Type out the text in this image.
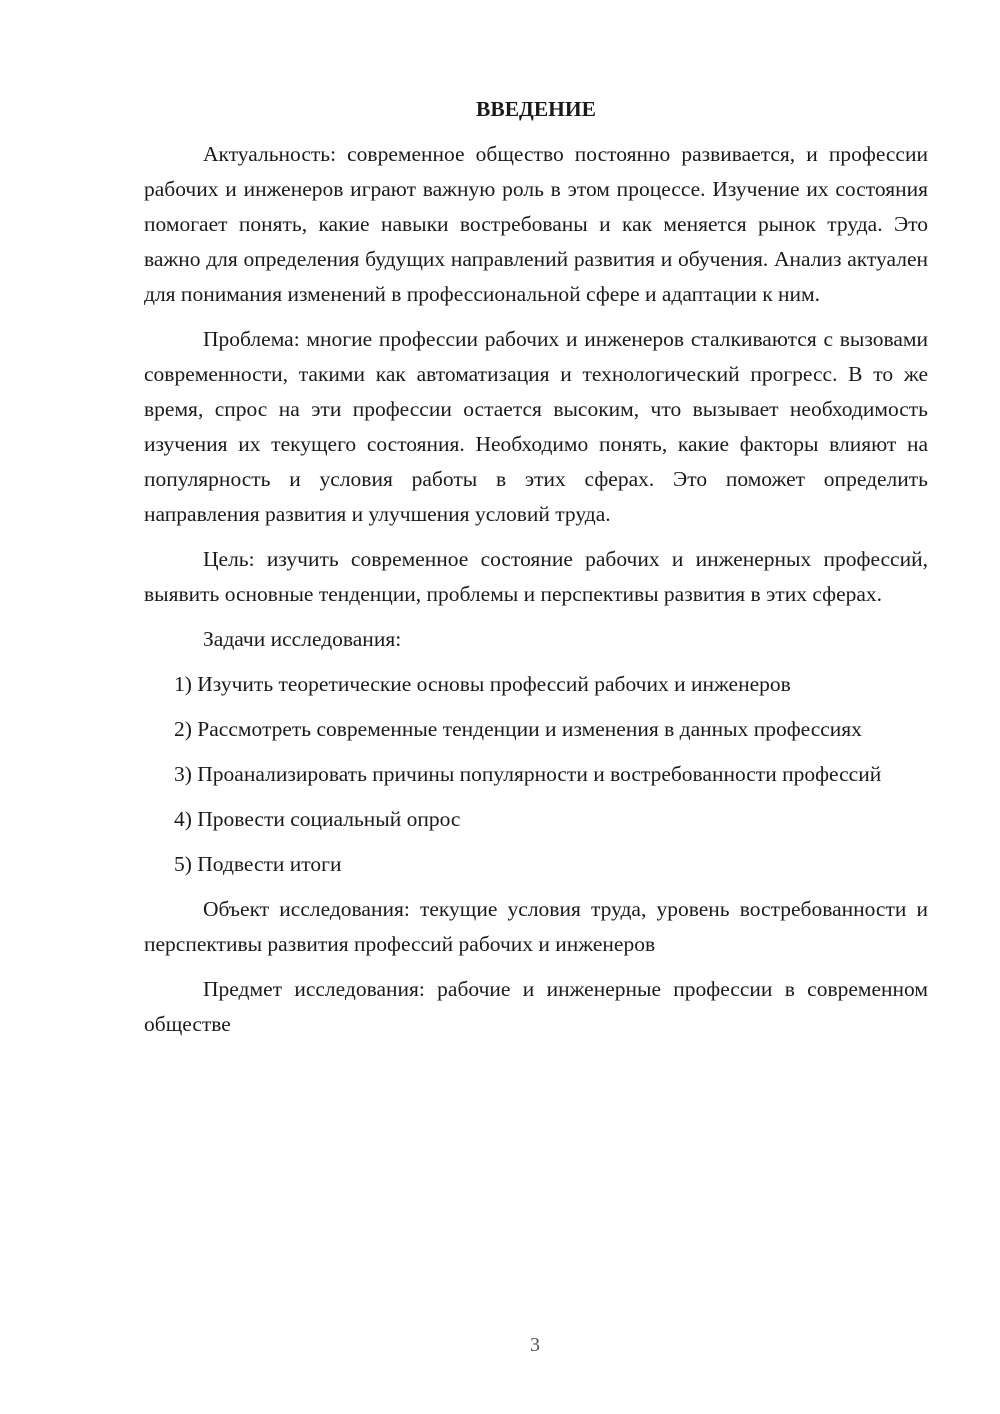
ВВЕДЕНИЕ

Актуальность: современное общество постоянно развивается, и профессии рабочих и инженеров играют важную роль в этом процессе. Изучение их состояния помогает понять, какие навыки востребованы и как меняется рынок труда. Это важно для определения будущих направлений развития и обучения. Анализ актуален для понимания изменений в профессиональной сфере и адаптации к ним.

Проблема: многие профессии рабочих и инженеров сталкиваются с вызовами современности, такими как автоматизация и технологический прогресс. В то же время, спрос на эти профессии остается высоким, что вызывает необходимость изучения их текущего состояния. Необходимо понять, какие факторы влияют на популярность и условия работы в этих сферах. Это поможет определить направления развития и улучшения условий труда.

Цель: изучить современное состояние рабочих и инженерных профессий, выявить основные тенденции, проблемы и перспективы развития в этих сферах.

Задачи исследования:

1) Изучить теоретические основы профессий рабочих и инженеров

2) Рассмотреть современные тенденции и изменения в данных профессиях

3) Проанализировать причины популярности и востребованности профессий

4) Провести социальный опрос

5) Подвести итоги

Объект исследования: текущие условия труда, уровень востребованности и перспективы развития профессий рабочих и инженеров

Предмет исследования: рабочие и инженерные профессии в современном обществе

3
